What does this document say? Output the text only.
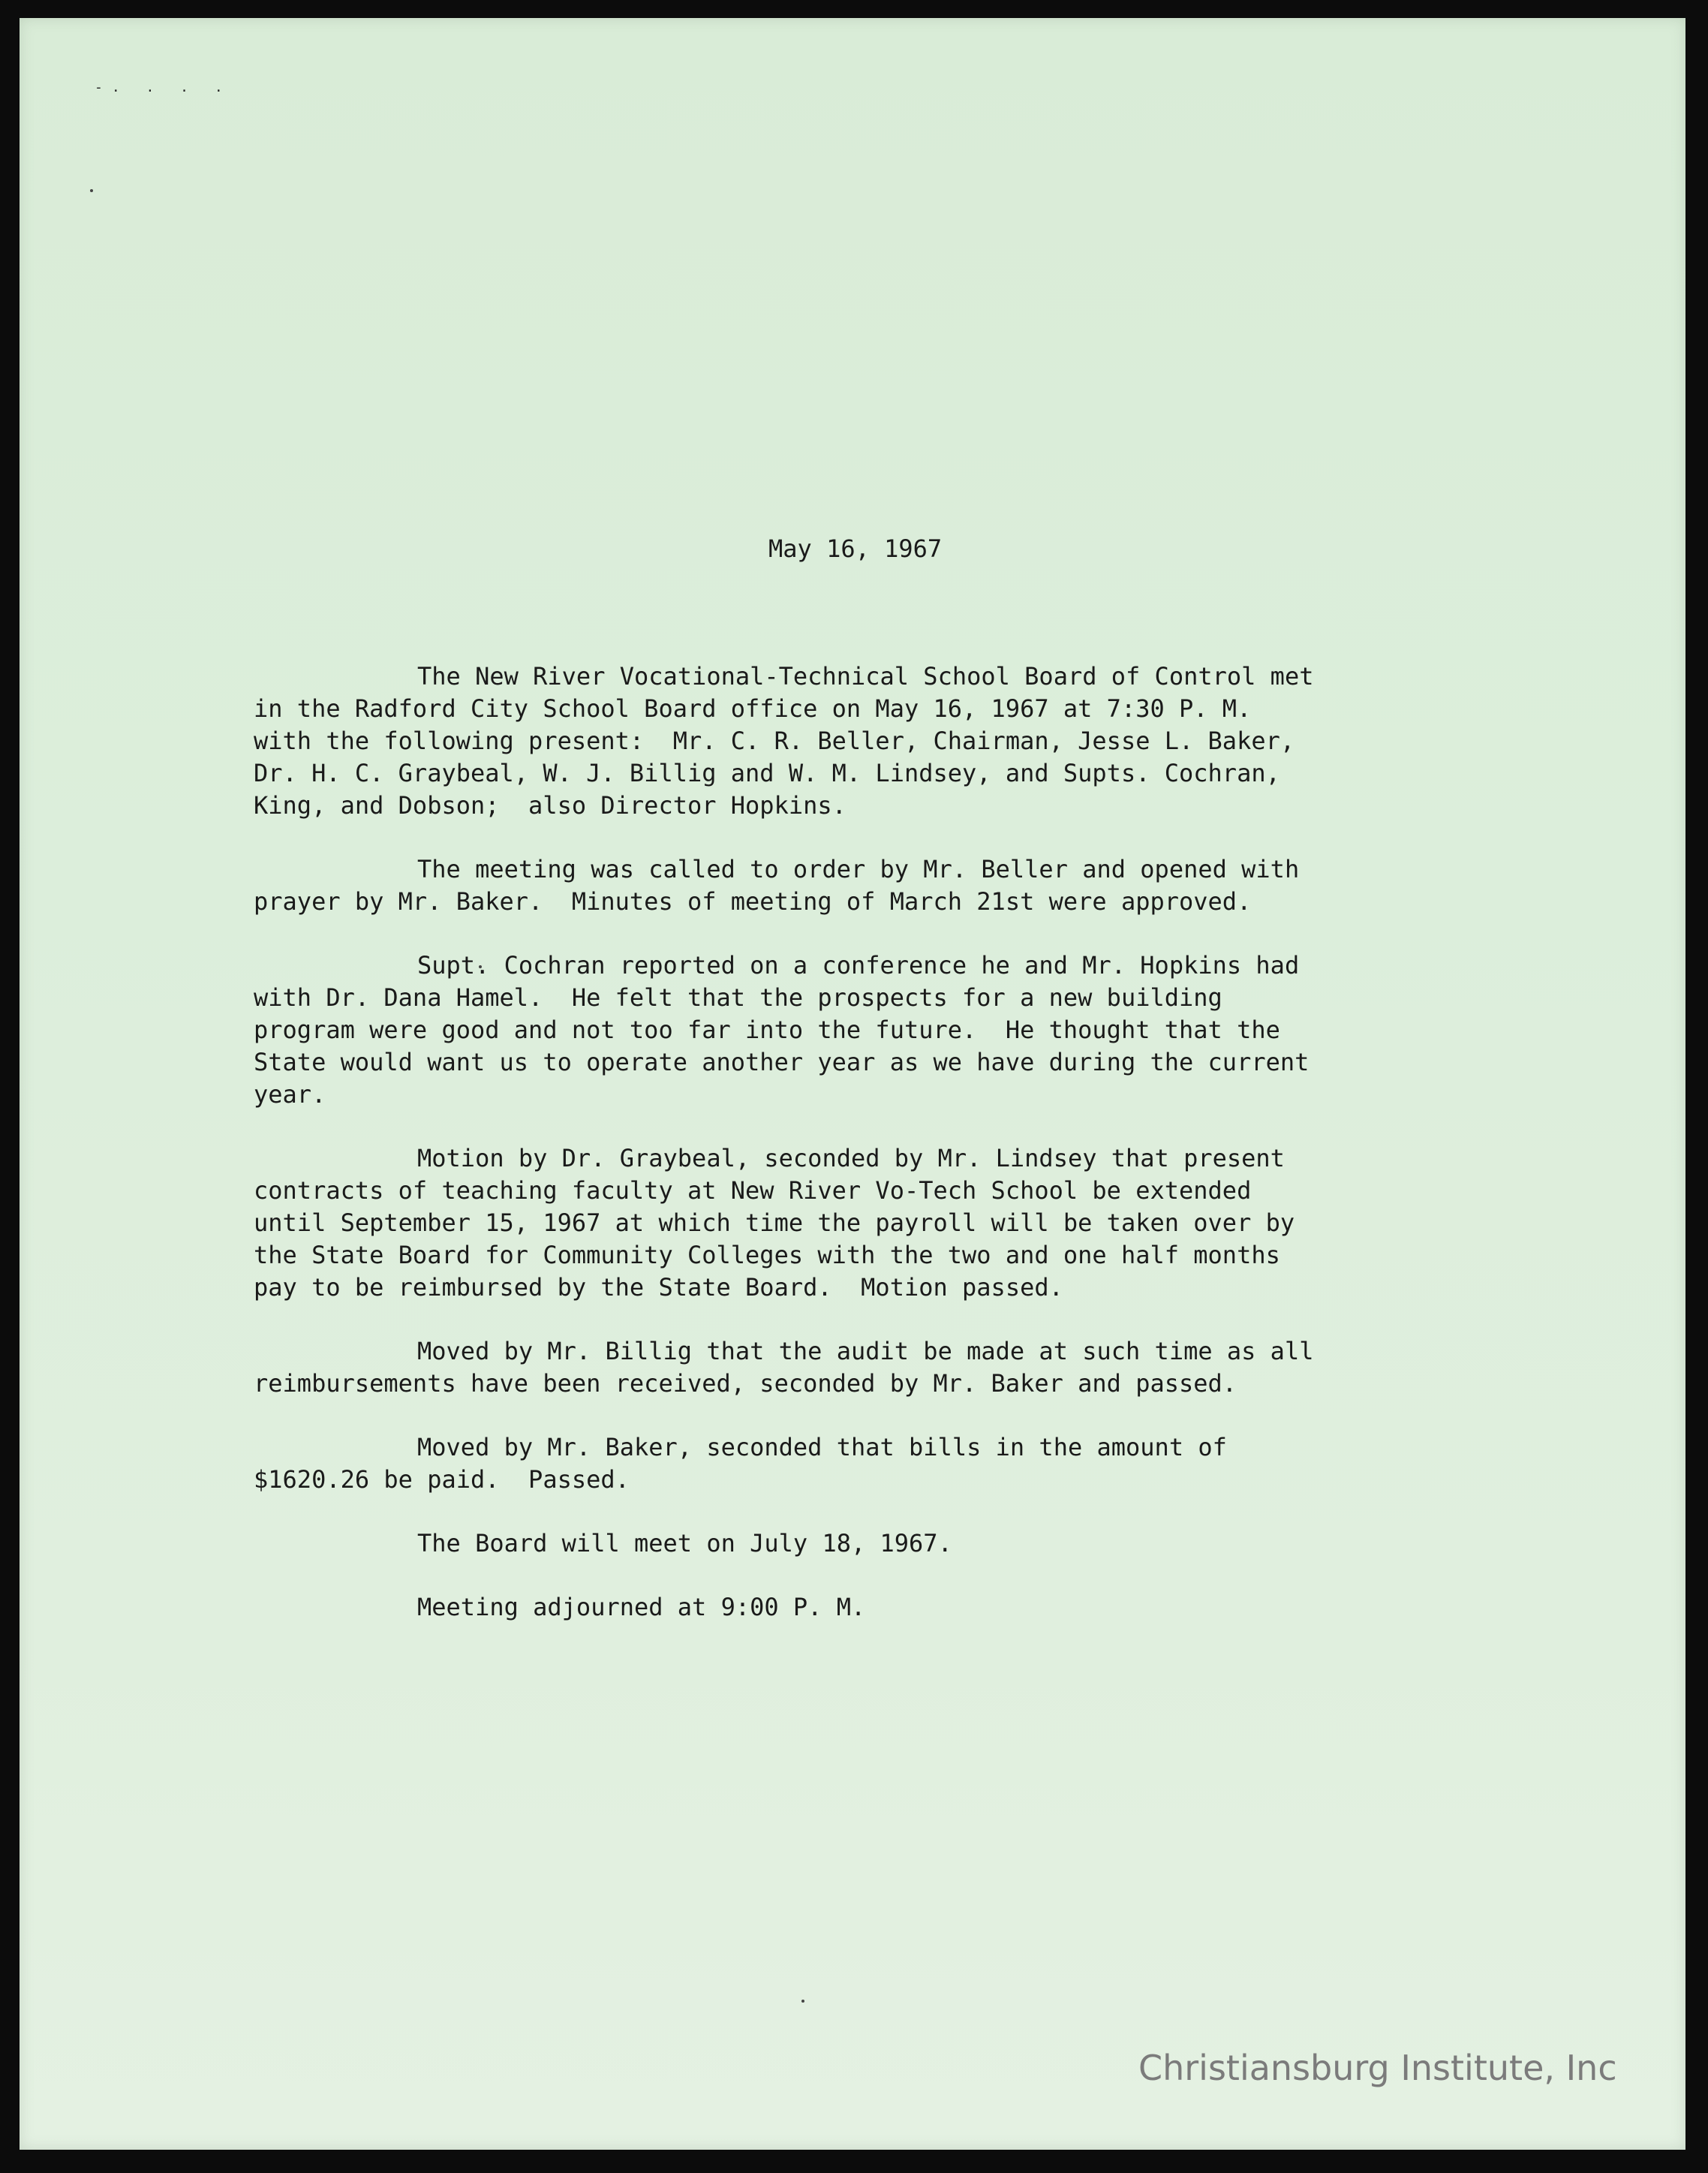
-. . . .
May 16, 1967
The New River Vocational-Technical School Board of Control met
in the Radford City School Board office on May 16, 1967 at 7:30 P. M.
with the following present:  Mr. C. R. Beller, Chairman, Jesse L. Baker,
Dr. H. C. Graybeal, W. J. Billig and W. M. Lindsey, and Supts. Cochran,
King, and Dobson;  also Director Hopkins.
The meeting was called to order by Mr. Beller and opened with
prayer by Mr. Baker.  Minutes of meeting of March 21st were approved.
Supt. Cochran reported on a conference he and Mr. Hopkins had
with Dr. Dana Hamel.  He felt that the prospects for a new building
program were good and not too far into the future.  He thought that the
State would want us to operate another year as we have during the current
year.
Motion by Dr. Graybeal, seconded by Mr. Lindsey that present
contracts of teaching faculty at New River Vo-Tech School be extended
until September 15, 1967 at which time the payroll will be taken over by
the State Board for Community Colleges with the two and one half months
pay to be reimbursed by the State Board.  Motion passed.
Moved by Mr. Billig that the audit be made at such time as all
reimbursements have been received, seconded by Mr. Baker and passed.
Moved by Mr. Baker, seconded that bills in the amount of
$1620.26 be paid.  Passed.
The Board will meet on July 18, 1967.
Meeting adjourned at 9:00 P. M.
Christiansburg Institute, Inc
